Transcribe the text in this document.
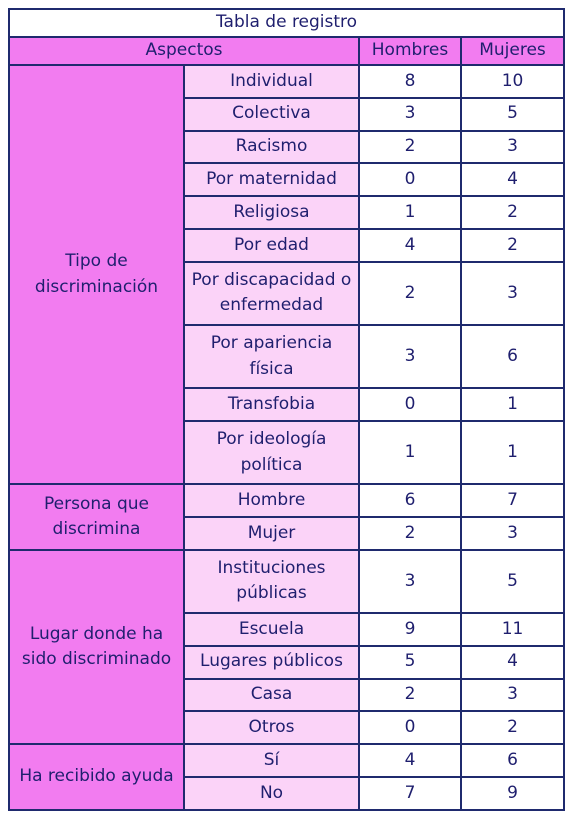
Tabla de registro			
Aspectos		Hombres	Mujeres
Tipo de discriminación	Individual	8	10
	Colectiva	3	5
	Racismo	2	3
	Por maternidad	0	4
	Religiosa	1	2
	Por edad	4	2
	Por discapacidad o enfermedad	2	3
	Por apariencia física	3	6
	Transfobia	0	1
	Por ideología política	1	1
Persona que discrimina	Hombre	6	7
	Mujer	2	3
Lugar donde ha sido discriminado	Instituciones públicas	3	5
	Escuela	9	11
	Lugares públicos	5	4
	Casa	2	3
	Otros	0	2
Ha recibido ayuda	Sí	4	6
	No	7	9
